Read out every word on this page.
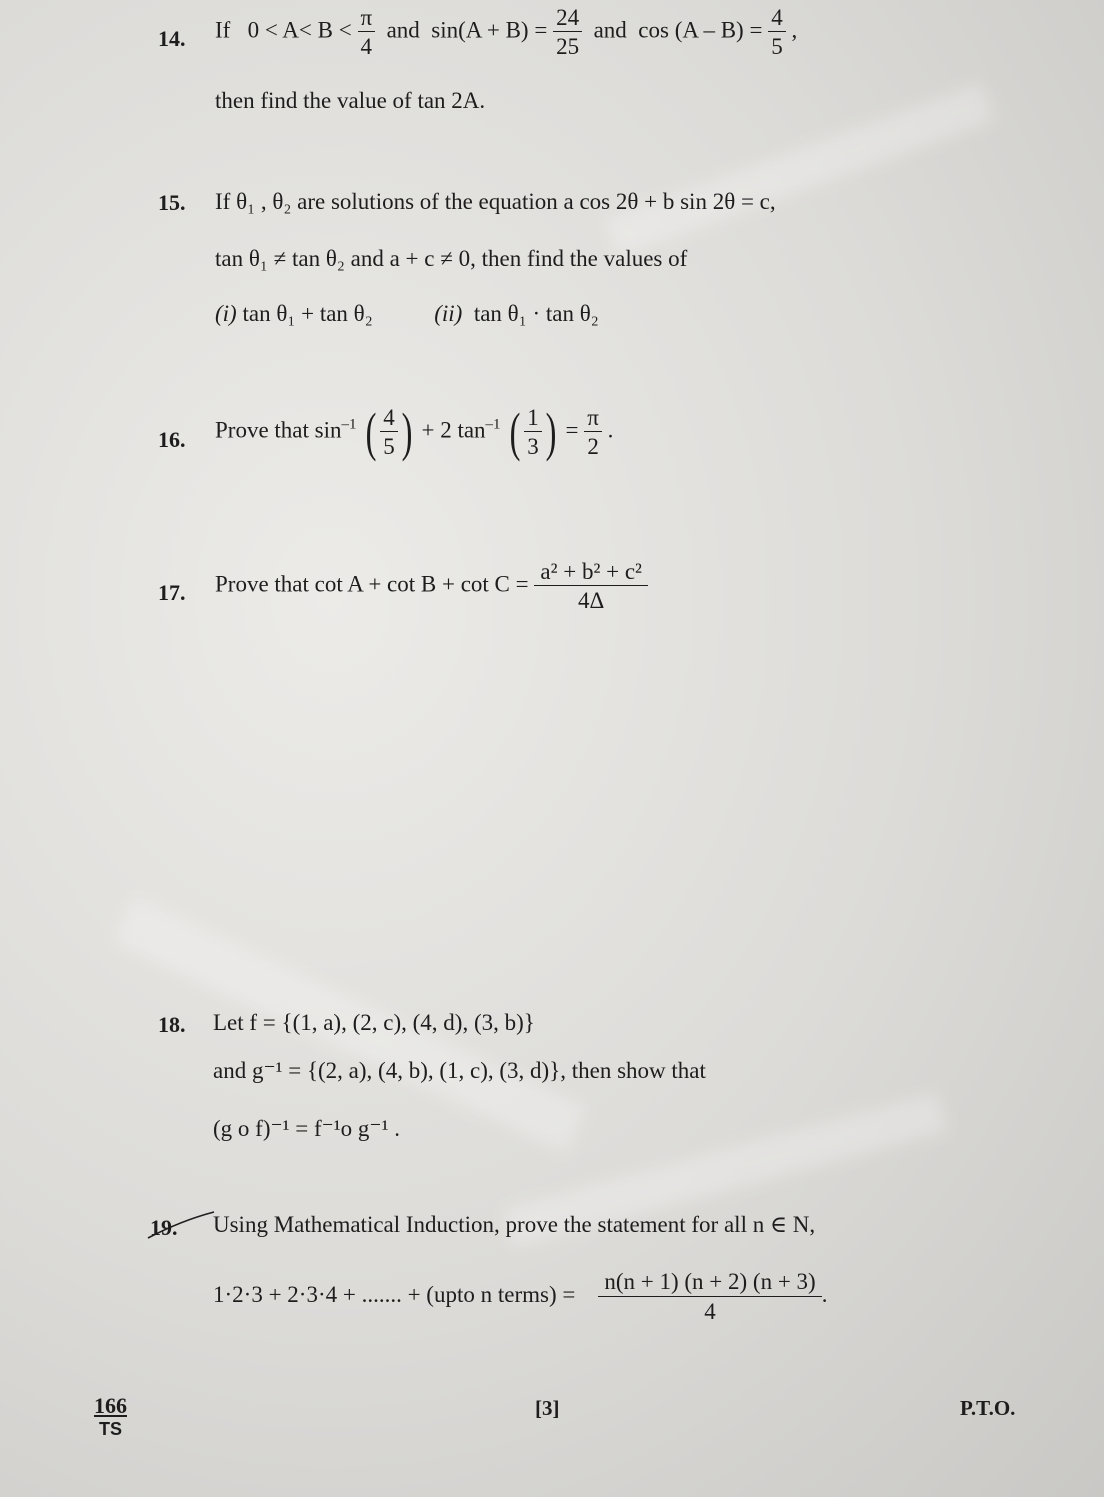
14. If $0 < A< B < \frac{\pi}{4}$ and $\sin(A + B) = \frac{24}{25}$ and $\cos (A - B) = \frac{4}{5}$ ,
then find the value of tan 2A.
15. If θ₁ , θ₂ are solutions of the equation a cos 2θ + b sin 2θ = c,
tan θ₁ ≠ tan θ₂ and a + c ≠ 0, then find the values of
(i) tan θ₁ + tan θ₂	(ii) tan θ₁ · tan θ₂
16. Prove that $\sin^{-1}$ ( $\frac{4}{5}$ ) + 2 $\tan^{-1}$ ( $\frac{1}{3}$ ) = $\frac{\pi}{2}$ .
17. Prove that $\cot A + \cot B + \cot C = \frac{\text{a² + b² + c²}}{4\Delta}$
18. Let f = {(1, a), (2, c), (4, d), (3, b)}
and g⁻¹ = {(2, a), (4, b), (1, c), (3, d)}, then show that
(g o f)⁻¹ = f⁻¹o g⁻¹ .
19. Using Mathematical Induction, prove the statement for all n ∈ N,
1·2·3 + 2·3·4 + ....... + (upto n terms) = $\frac{n(n + 1) (n + 2) (n + 3)}{4}$ .
166
TS
[3]	P.T.O.
